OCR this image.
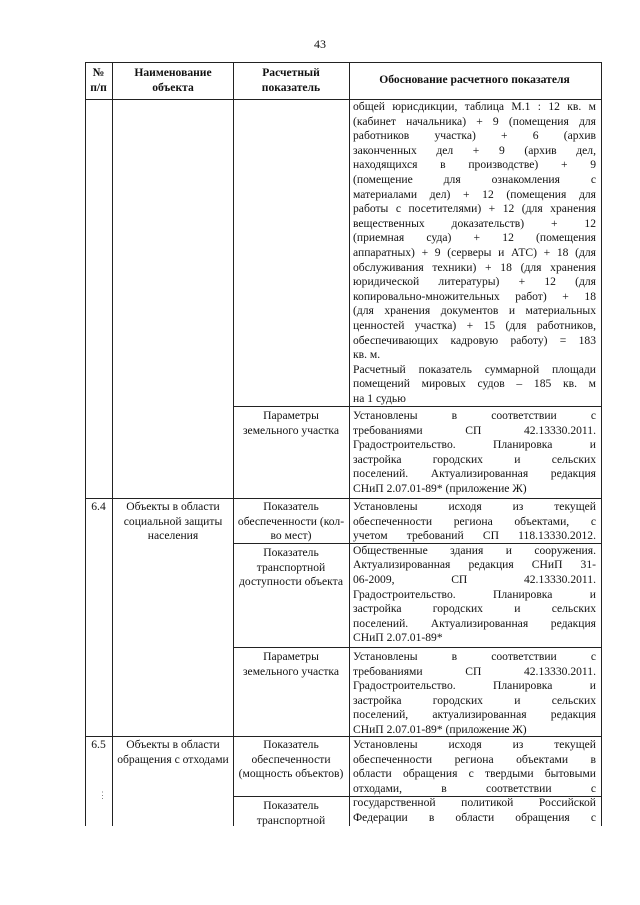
43
№ п/п
Наименование объекта
Расчетный показатель
Обоснование расчетного показателя

общей юрисдикции, таблица М.1 : 12 кв. м

(кабинет начальника) + 9 (помещения для

работников участка) + 6 (архив

законченных дел + 9 (архив дел,

находящихся в производстве) + 9

(помещение для ознакомления с

материалами дел) + 12 (помещения для

работы с посетителями) + 12 (для хранения

вещественных доказательств) + 12

(приемная суда) + 12 (помещения

аппаратных) + 9 (серверы и АТС) + 18 (для

обслуживания техники) + 18 (для хранения

юридической литературы) + 12 (для

копировально-множительных работ) + 18

(для хранения документов и материальных

ценностей участка) + 15 (для работников,

обеспечивающих кадровую работу) = 183

кв. м.

Расчетный показатель суммарной площади

помещений мировых судов – 185 кв. м

на 1 судью

Параметры земельного участка

Установлены в соответствии с

требованиями СП 42.13330.2011.

Градостроительство. Планировка и

застройка городских и сельских

поселений. Актуализированная редакция

СНиП 2.07.01-89* (приложение Ж)

6.4	Объекты в области социальной защиты населения
Показатель обеспеченности (кол-во мест)

Установлены исходя из текущей

обеспеченности региона объектами, с

учетом требований СП 118.13330.2012.

Общественные здания и сооружения.

Актуализированная редакция СНиП 31-

06-2009, СП 42.13330.2011.

Градостроительство. Планировка и

застройка городских и сельских

поселений. Актуализированная редакция

СНиП 2.07.01-89*

Показатель транспортной доступности объекта
Параметры земельного участка

Установлены в соответствии с

требованиями СП 42.13330.2011.

Градостроительство. Планировка и

застройка городских и сельских

поселений, актуализированная редакция

СНиП 2.07.01-89* (приложение Ж)

6.5	Объекты в области обращения с отходами
Показатель обеспеченности (мощность объектов)
Показатель транспортной

Установлены исходя из текущей

обеспеченности региона объектами в

области обращения с твердыми бытовыми

отходами, в соответствии с

государственной политикой Российской

Федерации в области обращения с

⋮
